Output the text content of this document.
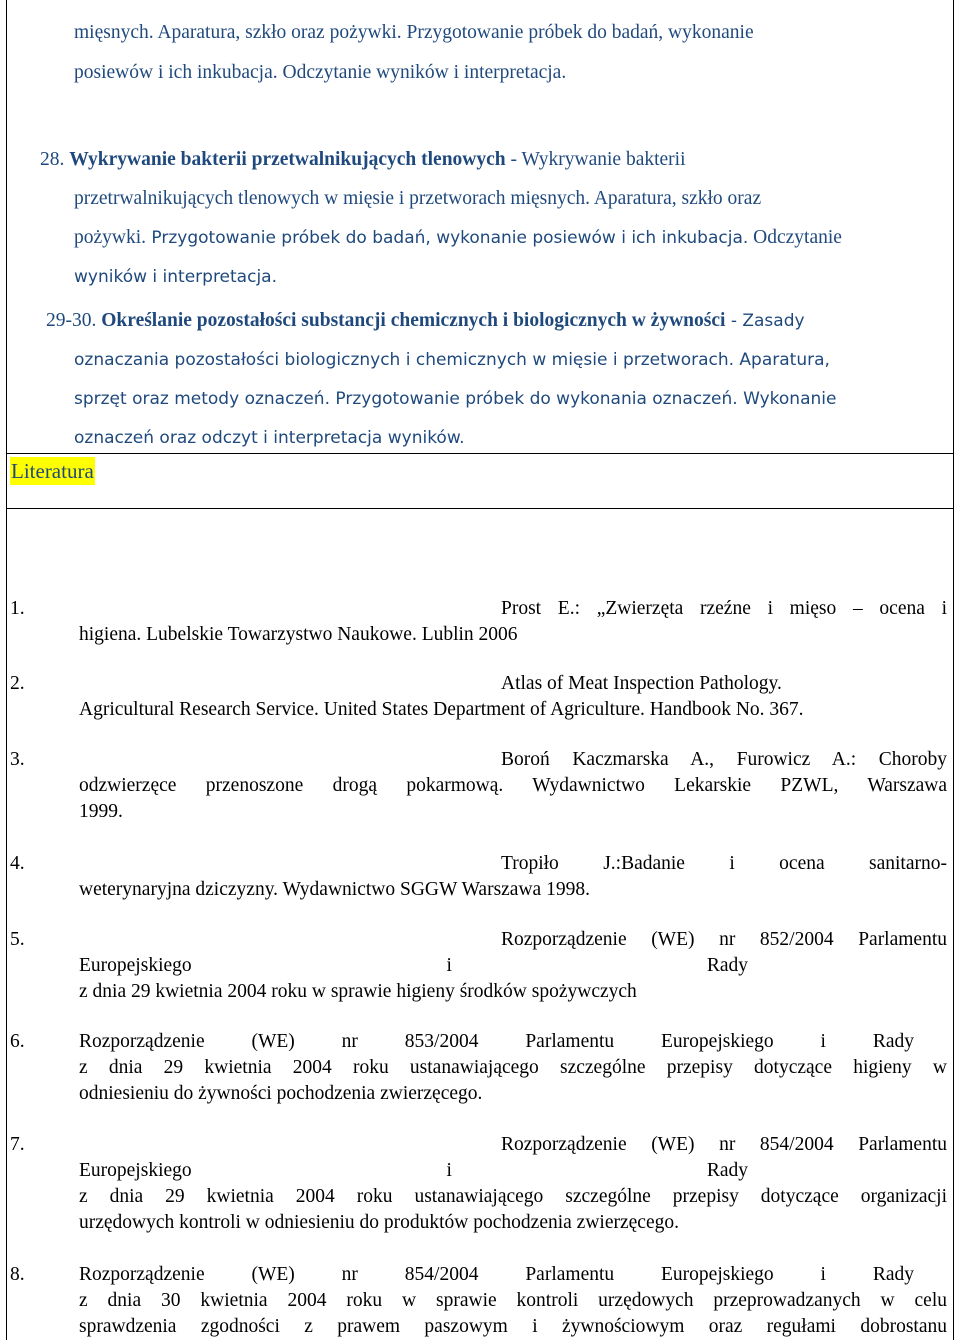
mięsnych. Aparatura, szkło oraz pożywki. Przygotowanie próbek do badań, wykonanie
posiewów i ich inkubacja. Odczytanie wyników i interpretacja.
28. Wykrywanie bakterii przetwalnikujących tlenowych - Wykrywanie bakterii
przetrwalnikujących tlenowych w mięsie i przetworach mięsnych. Aparatura, szkło oraz
pożywki. Przygotowanie próbek do badań, wykonanie posiewów i ich inkubacja. Odczytanie
wyników i interpretacja.
29-30. Określanie pozostałości substancji chemicznych i biologicznych w żywności - Zasady
oznaczania pozostałości biologicznych i chemicznych w mięsie i przetworach. Aparatura,
sprzęt oraz metody oznaczeń. Przygotowanie próbek do wykonania oznaczeń. Wykonanie
oznaczeń oraz odczyt i interpretacja wyników.
Literatura
1.	Prost E.: „Zwierzęta rzeźne i mięso – ocena i
higiena. Lubelskie Towarzystwo Naukowe. Lublin 2006
2.	Atlas of Meat Inspection Pathology.
Agricultural Research Service. United States Department of Agriculture. Handbook No. 367.
3.	Boroń Kaczmarska A., Furowicz A.: Choroby
odzwierzęce przenoszone drogą pokarmową. Wydawnictwo Lekarskie PZWL, Warszawa
1999.
4.	Tropiło J.:Badanie i ocena sanitarno-
weterynaryjna dziczyzny. Wydawnictwo SGGW Warszawa 1998.
5.	Rozporządzenie (WE) nr 852/2004 Parlamentu
Europejskiego i Rady
z dnia 29 kwietnia 2004 roku w sprawie higieny środków spożywczych
6.	Rozporządzenie (WE) nr 853/2004 Parlamentu Europejskiego i Rady
z dnia 29 kwietnia 2004 roku ustanawiającego szczególne przepisy dotyczące higieny w
odniesieniu do żywności pochodzenia zwierzęcego.
7.	Rozporządzenie (WE) nr 854/2004 Parlamentu
Europejskiego i Rady
z dnia 29 kwietnia 2004 roku ustanawiającego szczególne przepisy dotyczące organizacji
urzędowych kontroli w odniesieniu do produktów pochodzenia zwierzęcego.
8.	Rozporządzenie (WE) nr 854/2004 Parlamentu Europejskiego i Rady
z dnia 30 kwietnia 2004 roku w sprawie kontroli urzędowych przeprowadzanych w celu
sprawdzenia zgodności z prawem paszowym i żywnościowym oraz regułami dobrostanu
